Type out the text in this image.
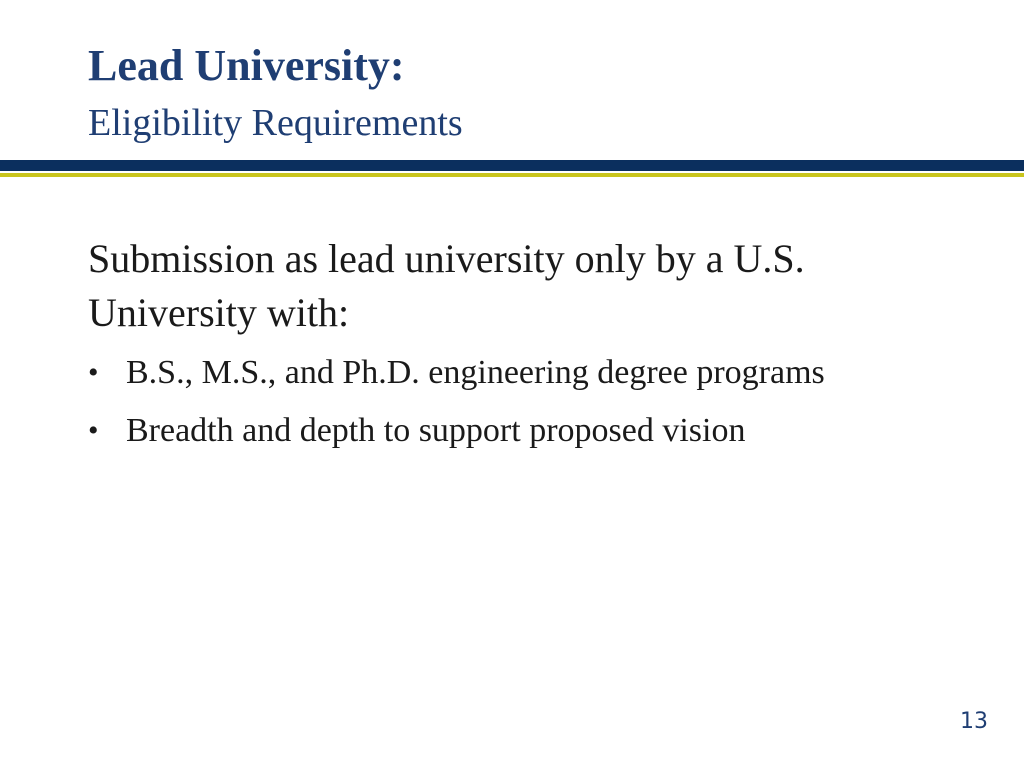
Lead University:
Eligibility Requirements

Submission as lead university only by a U.S. University with:

• B.S., M.S., and Ph.D. engineering degree programs
• Breadth and depth to support proposed vision
13
